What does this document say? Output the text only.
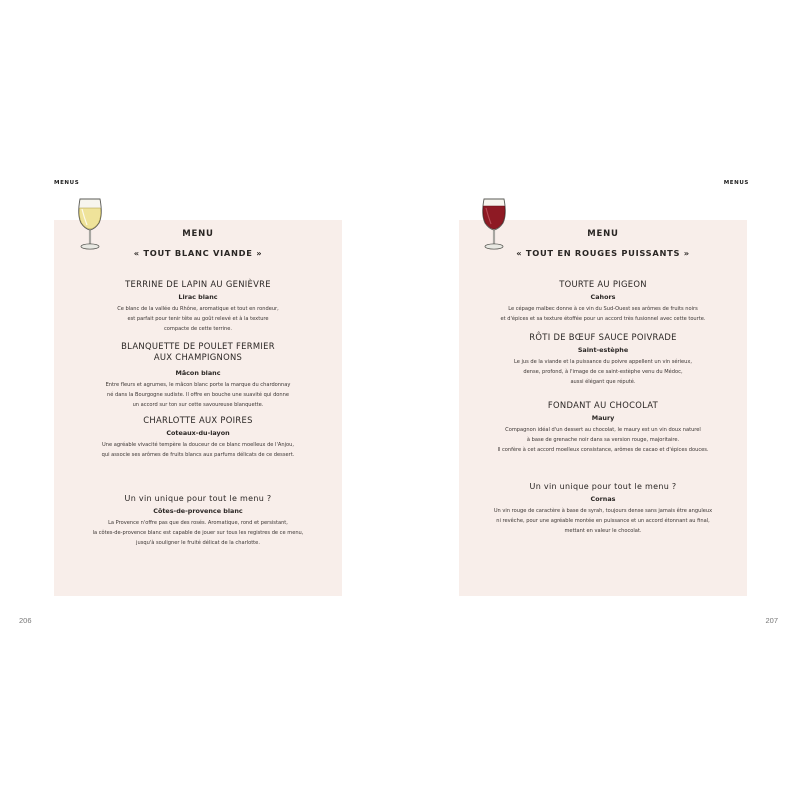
MENUS
MENU
« TOUT BLANC VIANDE »
TERRINE DE LAPIN AU GENIÈVRE
Lirac blanc
Ce blanc de la vallée du Rhône, aromatique et tout en rondeur,
est parfait pour tenir tête au goût relevé et à la texture
compacte de cette terrine.
BLANQUETTE DE POULET FERMIER
AUX CHAMPIGNONS
Mâcon blanc
Entre fleurs et agrumes, le mâcon blanc porte la marque du chardonnay
né dans la Bourgogne sudiste. Il offre en bouche une suavité qui donne
un accord sur ton sur cette savoureuse blanquette.
CHARLOTTE AUX POIRES
Coteaux-du-layon
Une agréable vivacité tempère la douceur de ce blanc moelleux de l'Anjou,
qui associe ses arômes de fruits blancs aux parfums délicats de ce dessert.
Un vin unique pour tout le menu ?
Côtes-de-provence blanc
La Provence n'offre pas que des rosés. Aromatique, rond et persistant,
la côtes-de-provence blanc est capable de jouer sur tous les registres de ce menu,
jusqu'à souligner le fruité délicat de la charlotte.
206
MENUS
MENU
« TOUT EN ROUGES PUISSANTS »
TOURTE AU PIGEON
Cahors
Le cépage malbec donne à ce vin du Sud-Ouest ses arômes de fruits noirs
et d'épices et sa texture étoffée pour un accord très fusionnel avec cette tourte.
RÔTI DE BŒUF SAUCE POIVRADE
Saint-estèphe
Le jus de la viande et la puissance du poivre appellent un vin sérieux,
dense, profond, à l'image de ce saint-estèphe venu du Médoc,
aussi élégant que réputé.
FONDANT AU CHOCOLAT
Maury
Compagnon idéal d'un dessert au chocolat, le maury est un vin doux naturel
à base de grenache noir dans sa version rouge, majoritaire.
Il confère à cet accord moelleux consistance, arômes de cacao et d'épices douces.
Un vin unique pour tout le menu ?
Cornas
Un vin rouge de caractère à base de syrah, toujours dense sans jamais être anguleux
ni revêche, pour une agréable montée en puissance et un accord étonnant au final,
mettant en valeur le chocolat.
207
